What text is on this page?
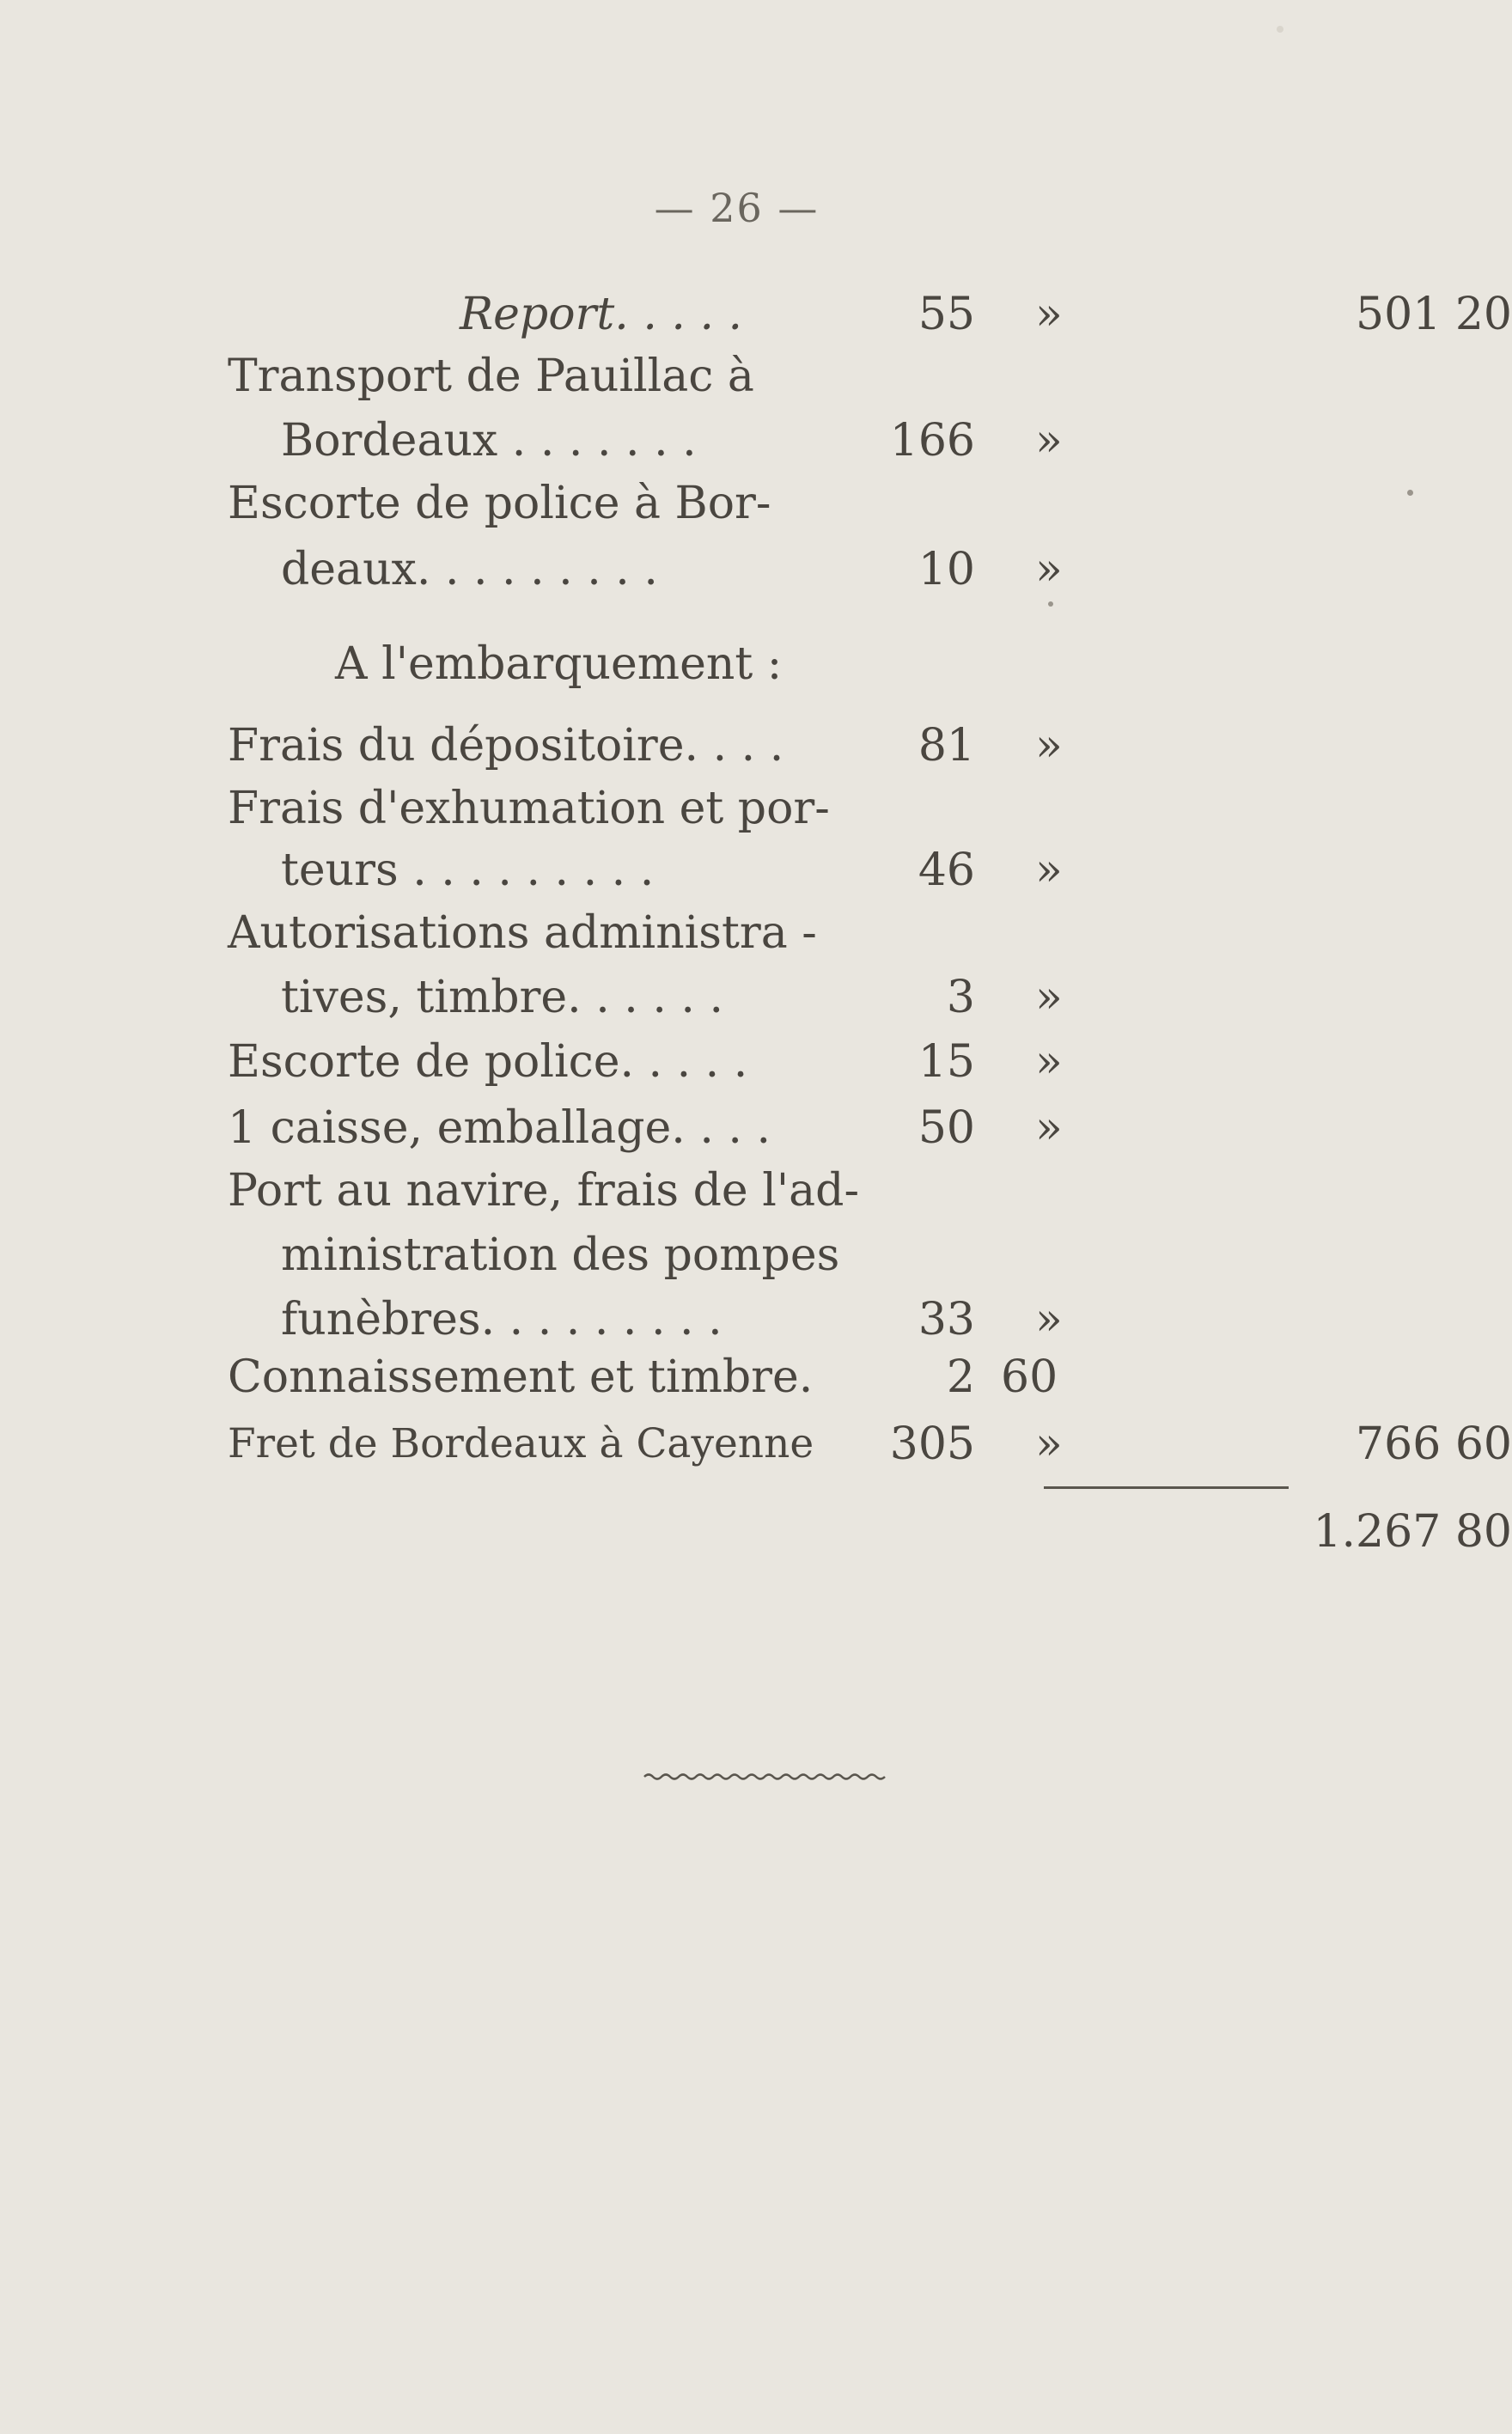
— 26 —
Report. . . . .	55 »	501 20
Transport de Pauillac à
Bordeaux . . . . . . .	166 »
Escorte de police à Bor-
deaux. . . . . . . . .	10 »
A l'embarquement :
Frais du dépositoire. . . .	81 »
Frais d'exhumation et por-
teurs . . . . . . . . .	46 »
Autorisations administra -
tives, timbre. . . . . .	3 »
Escorte de police. . . . .	15 »
1 caisse, emballage. . . .	50 »
Port au navire, frais de l'ad-
ministration des pompes
funèbres. . . . . . . . .	33 »
Connaissement et timbre.	2 60
Fret de Bordeaux à Cayenne	305 »	766 60
1.267 80
